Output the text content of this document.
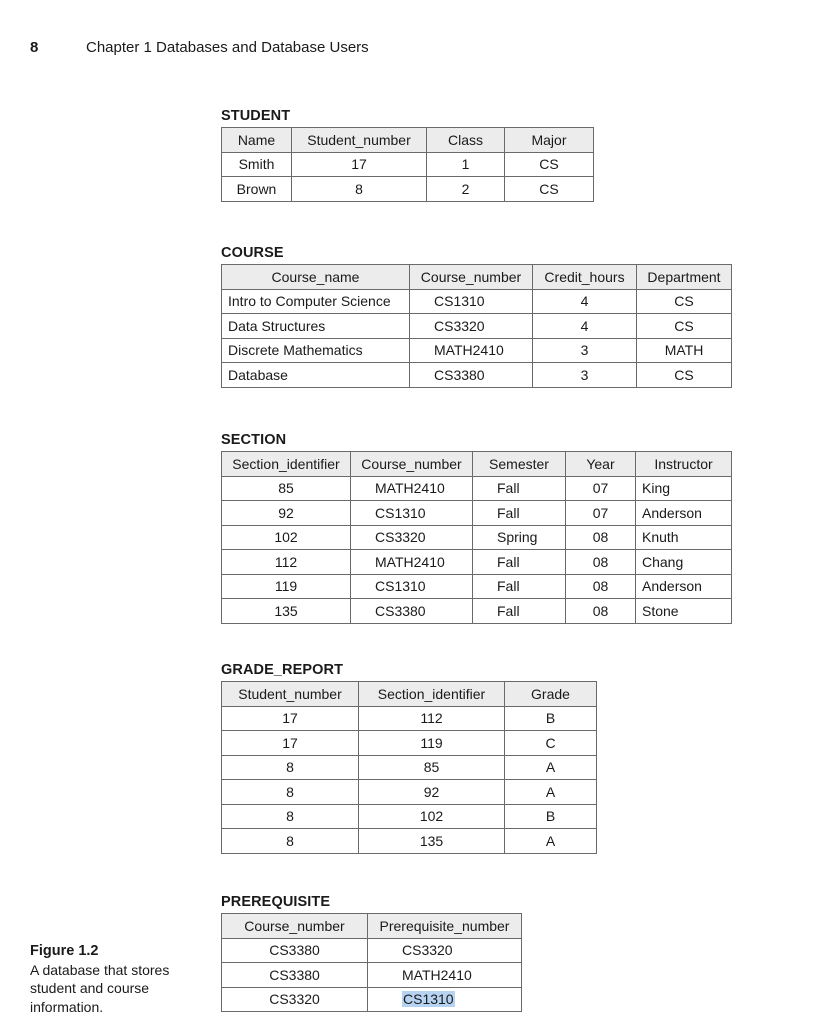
8	Chapter 1 Databases and Database Users
STUDENT
Name	Student_number	Class	Major
Smith	17	1	CS
Brown	8	2	CS
COURSE
Course_name	Course_number	Credit_hours	Department
Intro to Computer Science	CS1310	4	CS
Data Structures	CS3320	4	CS
Discrete Mathematics	MATH2410	3	MATH
Database	CS3380	3	CS
SECTION
Section_identifier	Course_number	Semester	Year	Instructor
85	MATH2410	Fall	07	King
92	CS1310	Fall	07	Anderson
102	CS3320	Spring	08	Knuth
112	MATH2410	Fall	08	Chang
119	CS1310	Fall	08	Anderson
135	CS3380	Fall	08	Stone
GRADE_REPORT
Student_number	Section_identifier	Grade
17	112	B
17	119	C
8	85	A
8	92	A
8	102	B
8	135	A
PREREQUISITE
Course_number	Prerequisite_number
CS3380	CS3320
CS3380	MATH2410
CS3320	CS1310
Figure 1.2
A database that stores student and course information.
